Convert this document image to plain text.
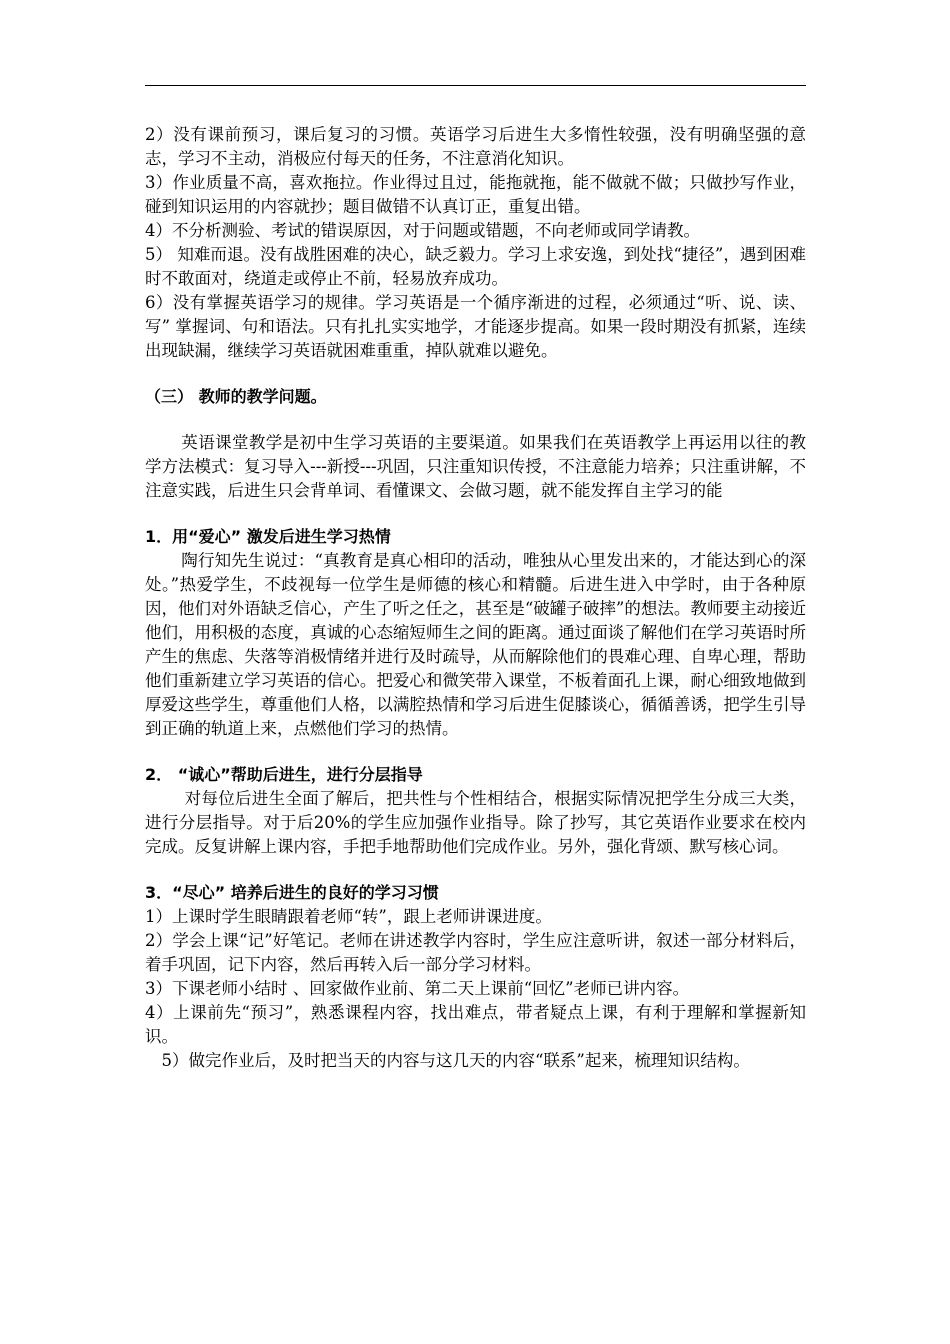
2）没有课前预习，课后复习的习惯。英语学习后进生大多惰性较强，没有明确坚强的意志，学习不主动，消极应付每天的任务，不注意消化知识。

3）作业质量不高，喜欢拖拉。作业得过且过，能拖就拖，能不做就不做；只做抄写作业，碰到知识运用的内容就抄；题目做错不认真订正，重复出错。

4）不分析测验、考试的错误原因，对于问题或错题，不向老师或同学请教。

5） 知难而退。没有战胜困难的决心，缺乏毅力。学习上求安逸，到处找“捷径”，遇到困难时不敢面对，绕道走或停止不前，轻易放弃成功。

6）没有掌握英语学习的规律。学习英语是一个循序渐进的过程，必须通过“听、说、读、写” 掌握词、句和语法。只有扎扎实实地学，才能逐步提高。如果一段时期没有抓紧，连续出现缺漏，继续学习英语就困难重重，掉队就难以避免。

（三） 教师的教学问题。

英语课堂教学是初中生学习英语的主要渠道。如果我们在英语教学上再运用以往的教学方法模式：复习导入---新授---巩固，只注重知识传授，不注意能力培养；只注重讲解，不注意实践，后进生只会背单词、看懂课文、会做习题，就不能发挥自主学习的能

1．用“爱心” 激发后进生学习热情

陶行知先生说过：“真教育是真心相印的活动，唯独从心里发出来的，才能达到心的深处。”热爱学生，不歧视每一位学生是师德的核心和精髓。后进生进入中学时，由于各种原因，他们对外语缺乏信心，产生了听之任之，甚至是“破罐子破摔”的想法。教师要主动接近他们，用积极的态度，真诚的心态缩短师生之间的距离。通过面谈了解他们在学习英语时所产生的焦虑、失落等消极情绪并进行及时疏导，从而解除他们的畏难心理、自卑心理，帮助他们重新建立学习英语的信心。把爱心和微笑带入课堂，不板着面孔上课，耐心细致地做到厚爱这些学生，尊重他们人格，以满腔热情和学习后进生促膝谈心，循循善诱，把学生引导到正确的轨道上来，点燃他们学习的热情。

2． “诚心”帮助后进生，进行分层指导

对每位后进生全面了解后，把共性与个性相结合，根据实际情况把学生分成三大类，进行分层指导。对于后20%的学生应加强作业指导。除了抄写，其它英语作业要求在校内完成。反复讲解上课内容，手把手地帮助他们完成作业。另外，强化背颂、默写核心词。

3．“尽心” 培养后进生的良好的学习习惯

1）上课时学生眼睛跟着老师“转”，跟上老师讲课进度。

2）学会上课“记”好笔记。老师在讲述教学内容时，学生应注意听讲，叙述一部分材料后，着手巩固，记下内容，然后再转入后一部分学习材料。

3）下课老师小结时 、回家做作业前、第二天上课前“回忆”老师已讲内容。

4）上课前先“预习”，熟悉课程内容，找出难点，带者疑点上课，有利于理解和掌握新知识。

5）做完作业后，及时把当天的内容与这几天的内容“联系”起来，梳理知识结构。
